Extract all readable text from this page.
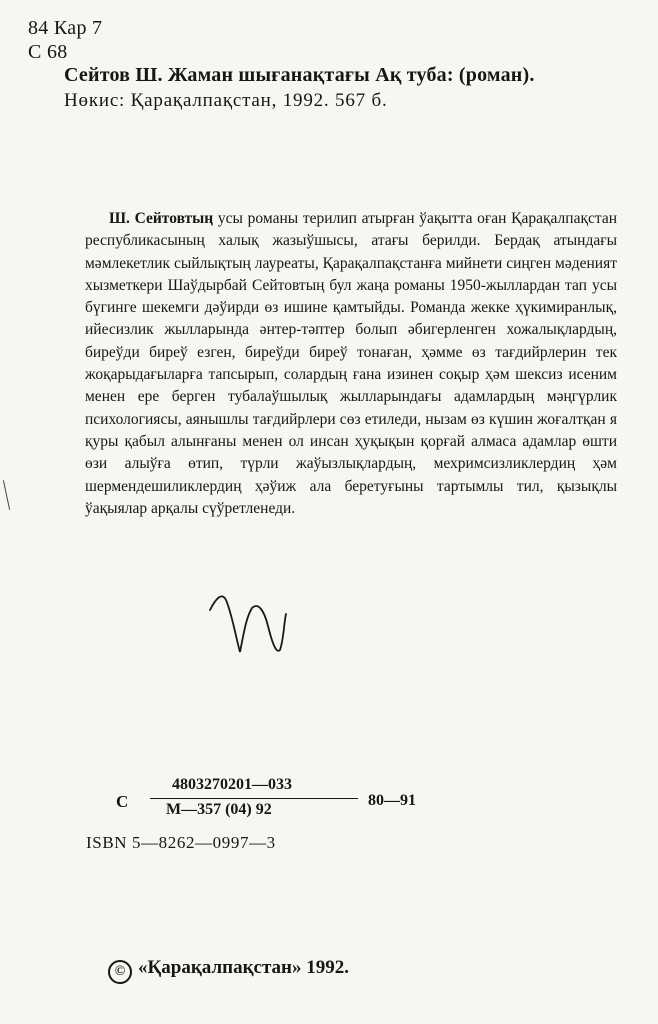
84 Кар 7
С 68
Сейтов Ш. Жаман шығанақтағы Ақ туба: (роман).
Нөкис: Қарақалпақстан, 1992. 567 б.

Ш. Сейтовтың усы романы терилип атырған ўақытта оған Қарақалпақстан республикасының халық жазыўшысы, атағы берилди. Бердақ атындағы мәмлекетлик сыйлықтың лауреаты, Қарақалпақстанға мийнети сиңген мәденият хызметкери Шаўдырбай Сейтовтың бул жаңа романы 1950-жыллардан тап усы бүгинге шекемги дәўирди өз ишине қамтыйды. Романда жекке ҳүкимиранлық, ийесизлик жылларында әнтер-тәптер болып әбигерленген хожалықлардың, бирeўди биреў езген, биреўди биреў тонаған, ҳәмме өз тағдийрлерин тек жоқарыдағыларға тапсырып, солардың ғана изинен соқыр ҳәм шексиз исеним менен ере берген тубалаўшылық жылларындағы адамлардың мәңгүрлик психологиясы, аянышлы тағдийрлери сөз етиледи, нызам өз күшин жоғалтқан я қуры қабыл алынғаны менен ол инсан ҳуқықын қорғай алмаса адамлар өшти өзи алыўға өтип, түрли жаўызлықлардың, мехримсизликлердиң ҳәм шермендешиликлердиң ҳәўиж ала беретуғыны тартымлы тил, қызықлы ўақыялар арқалы сүўретленеди.

С
4803270201—033
М—357 (04) 92
80—91
ISBN 5—8262—0997—3
© «Қарақалпақстан» 1992.
